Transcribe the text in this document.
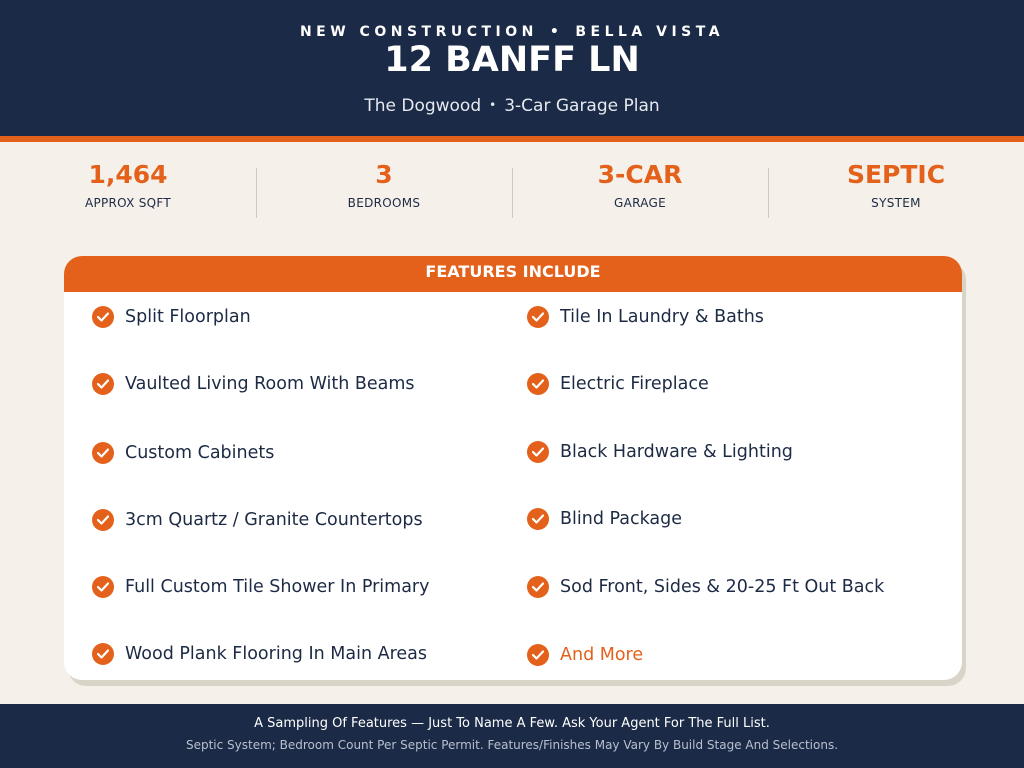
NEW CONSTRUCTION • BELLA VISTA
12 BANFF LN
The Dogwood • 3-Car Garage Plan
1,464
APPROX SQFT
3
BEDROOMS
3-CAR
GARAGE
SEPTIC
SYSTEM
FEATURES INCLUDE
Split Floorplan
Vaulted Living Room With Beams
Custom Cabinets
3cm Quartz / Granite Countertops
Full Custom Tile Shower In Primary
Wood Plank Flooring In Main Areas
Tile In Laundry & Baths
Electric Fireplace
Black Hardware & Lighting
Blind Package
Sod Front, Sides & 20-25 Ft Out Back
And More
A Sampling Of Features — Just To Name A Few. Ask Your Agent For The Full List.
Septic System; Bedroom Count Per Septic Permit. Features/Finishes May Vary By Build Stage And Selections.
